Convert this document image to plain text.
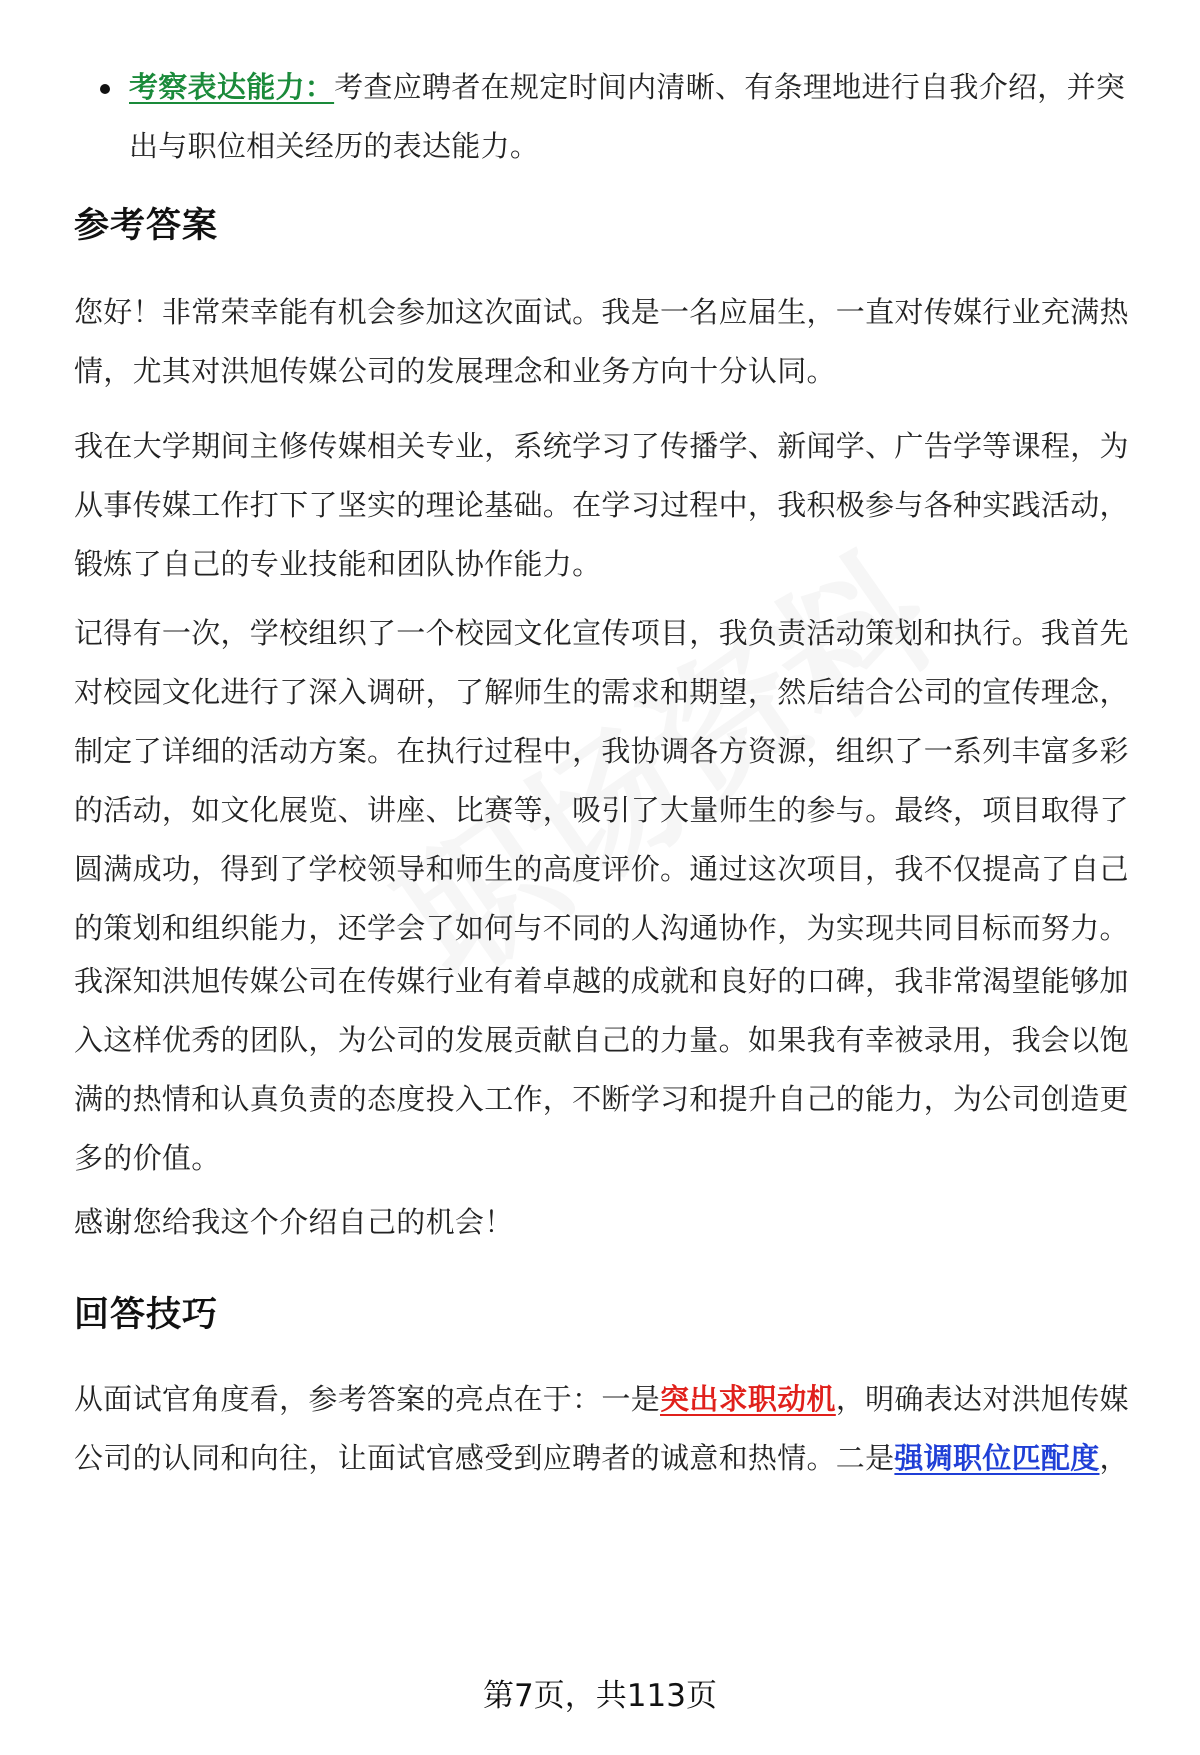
考察表达能力：考查应聘者在规定时间内清晰、有条理地进行自我介绍，并突出与职位相关经历的表达能力。
参考答案

您好！非常荣幸能有机会参加这次面试。我是一名应届生，一直对传媒行业充满热情，尤其对洪旭传媒公司的发展理念和业务方向十分认同。

我在大学期间主修传媒相关专业，系统学习了传播学、新闻学、广告学等课程，为从事传媒工作打下了坚实的理论基础。在学习过程中，我积极参与各种实践活动，锻炼了自己的专业技能和团队协作能力。

记得有一次，学校组织了一个校园文化宣传项目，我负责活动策划和执行。我首先对校园文化进行了深入调研，了解师生的需求和期望，然后结合公司的宣传理念，制定了详细的活动方案。在执行过程中，我协调各方资源，组织了一系列丰富多彩的活动，如文化展览、讲座、比赛等，吸引了大量师生的参与。最终，项目取得了圆满成功，得到了学校领导和师生的高度评价。通过这次项目，我不仅提高了自己的策划和组织能力，还学会了如何与不同的人沟通协作，为实现共同目标而努力。

我深知洪旭传媒公司在传媒行业有着卓越的成就和良好的口碑，我非常渴望能够加入这样优秀的团队，为公司的发展贡献自己的力量。如果我有幸被录用，我会以饱满的热情和认真负责的态度投入工作，不断学习和提升自己的能力，为公司创造更多的价值。

感谢您给我这个介绍自己的机会！

回答技巧

从面试官角度看，参考答案的亮点在于：一是突出求职动机，明确表达对洪旭传媒公司的认同和向往，让面试官感受到应聘者的诚意和热情。二是强调职位匹配度，

第7页，共113页
